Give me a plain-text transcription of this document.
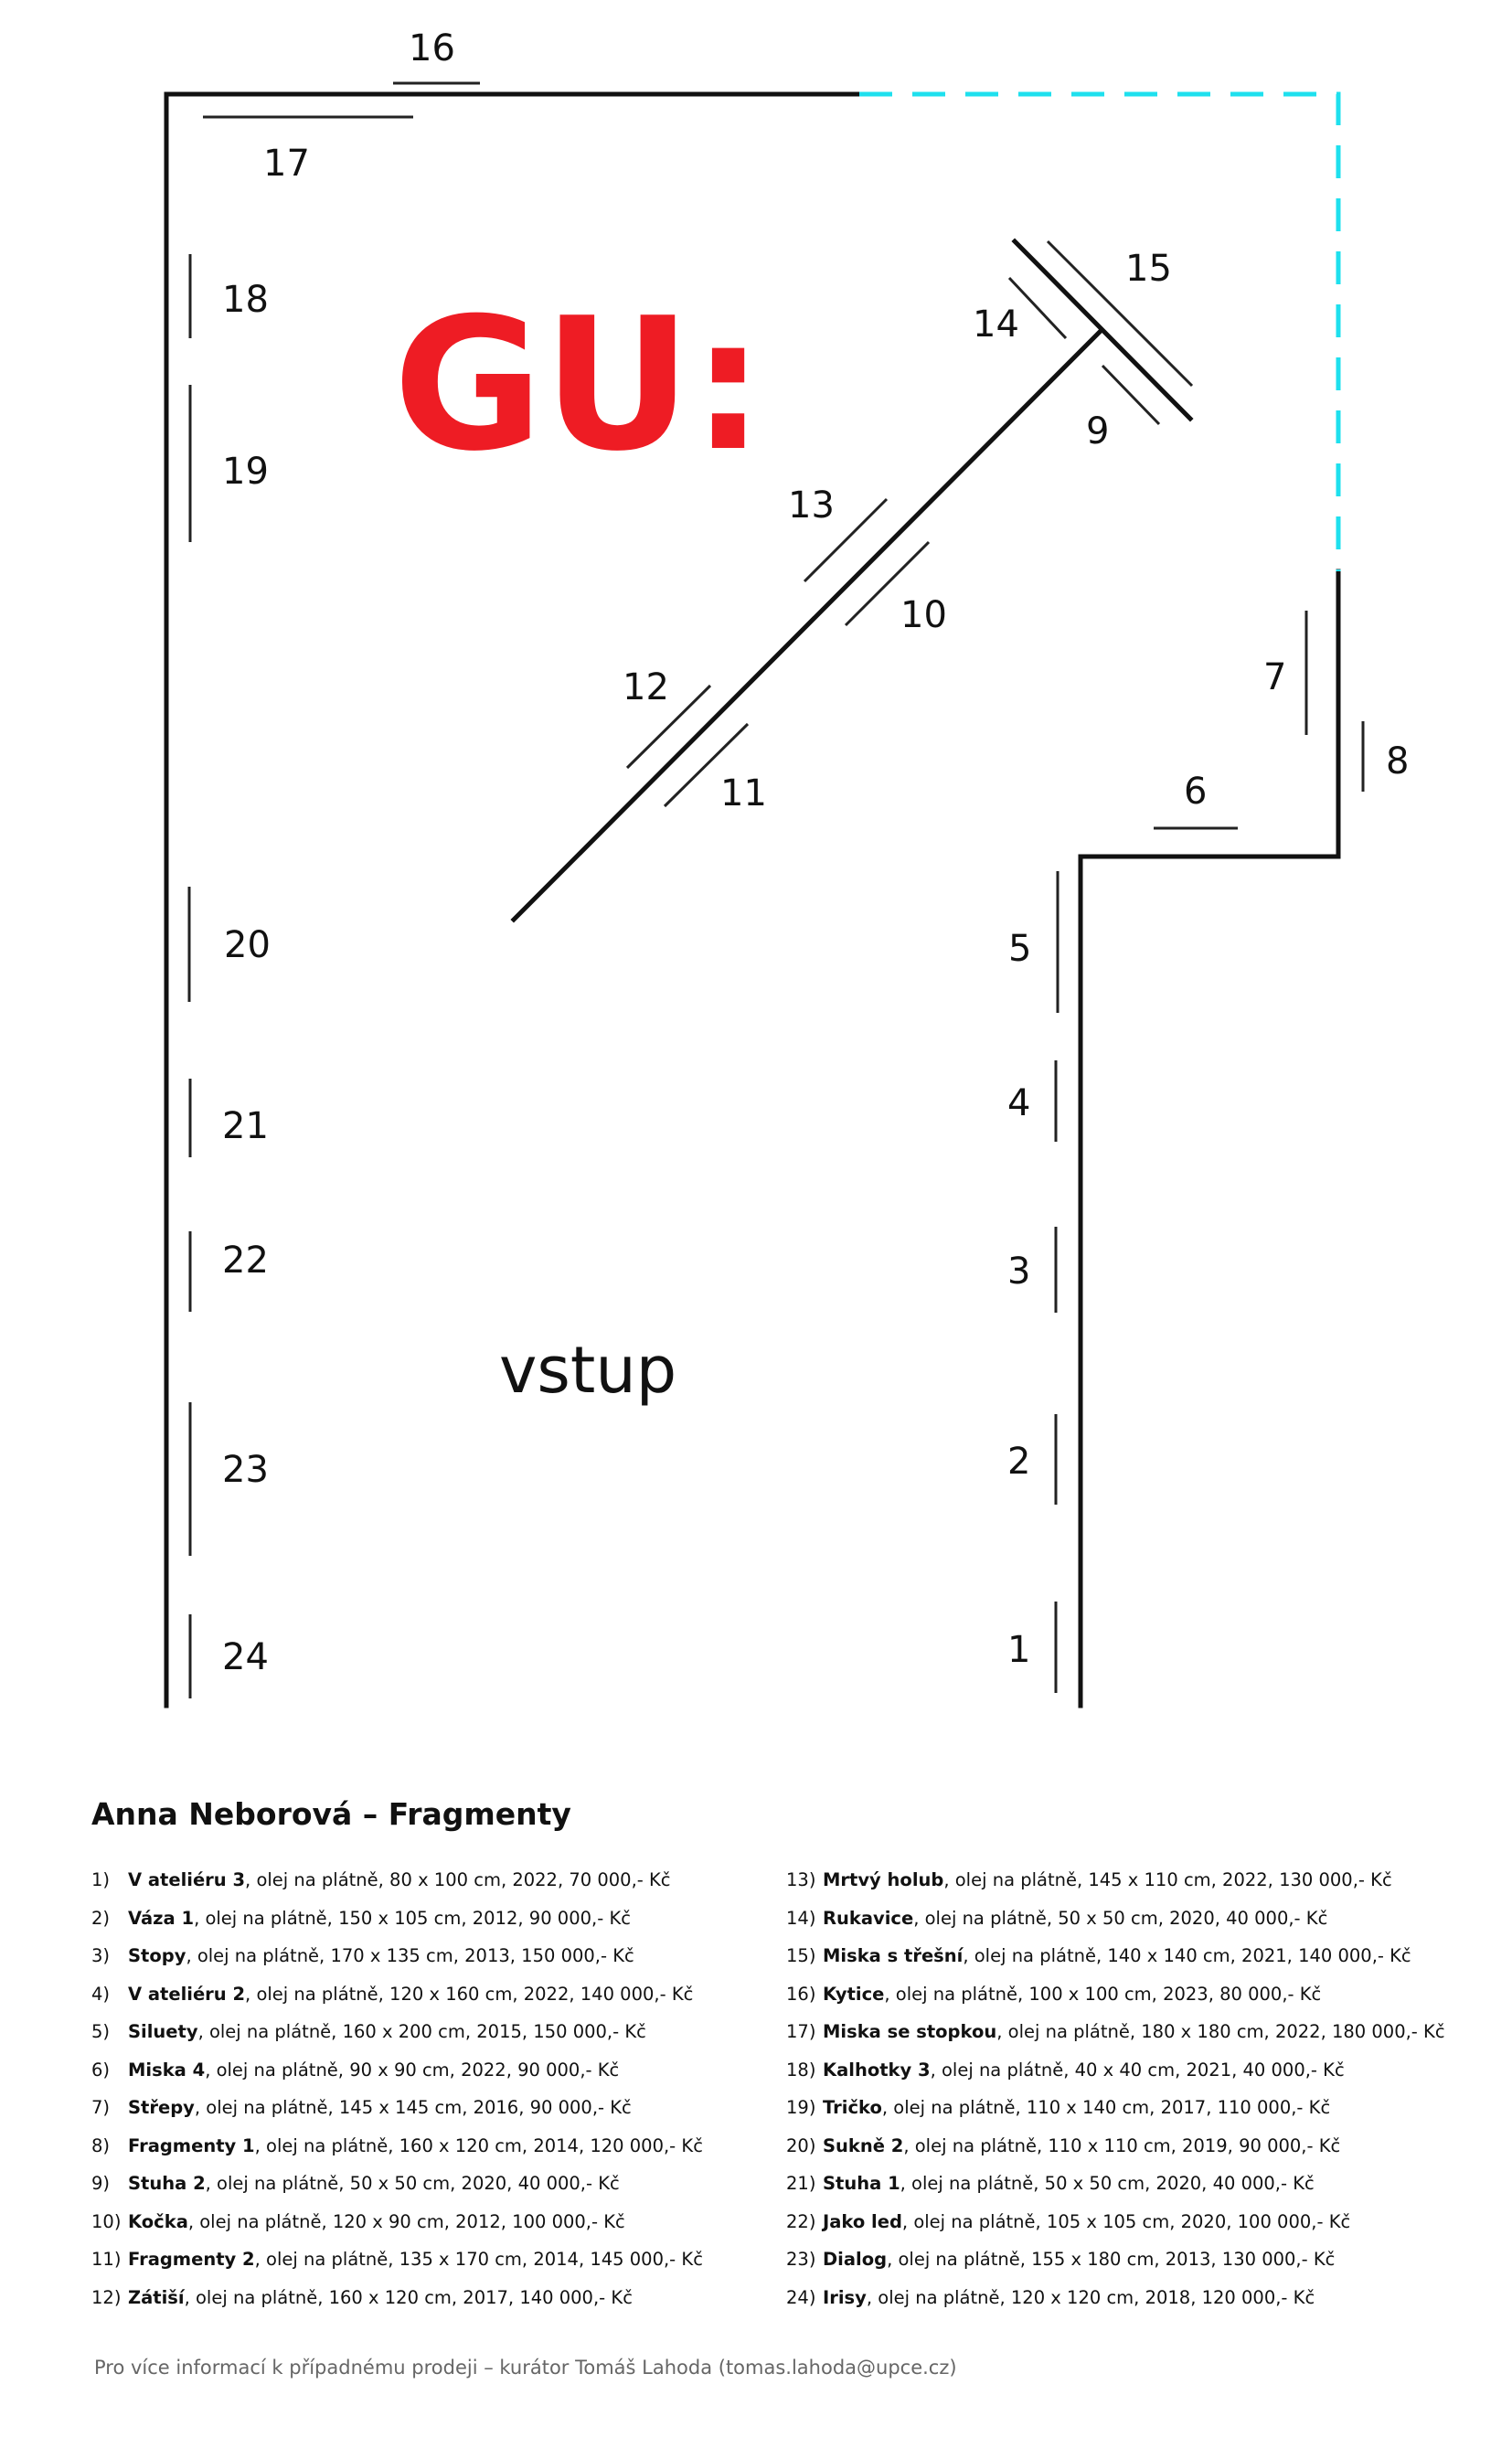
16
17
18
19
20
21
22
23
24	1
2
3
4
5
6
7
8
9
10
11
12
13
14
15
vstup
GU:
Anna Neborová – Fragmenty
1)	V ateliéru 3, olej na plátně, 80 x 100 cm, 2022, 70 000,- Kč
2)	Váza 1, olej na plátně, 150 x 105 cm, 2012, 90 000,- Kč
3)	Stopy, olej na plátně, 170 x 135 cm, 2013, 150 000,- Kč
4)	V ateliéru 2, olej na plátně, 120 x 160 cm, 2022, 140 000,- Kč
5)	Siluety, olej na plátně, 160 x 200 cm, 2015, 150 000,- Kč
6)	Miska 4, olej na plátně, 90 x 90 cm, 2022, 90 000,- Kč
7)	Střepy, olej na plátně, 145 x 145 cm, 2016, 90 000,- Kč
8)	Fragmenty 1, olej na plátně, 160 x 120 cm, 2014, 120 000,- Kč
9)	Stuha 2, olej na plátně, 50 x 50 cm, 2020, 40 000,- Kč
10) Kočka, olej na plátně, 120 x 90 cm, 2012, 100 000,- Kč
11) Fragmenty 2, olej na plátně, 135 x 170 cm, 2014, 145 000,- Kč
12) Zátiší, olej na plátně, 160 x 120 cm, 2017, 140 000,- Kč
13) Mrtvý holub, olej na plátně, 145 x 110 cm, 2022, 130 000,- Kč
14) Rukavice, olej na plátně, 50 x 50 cm, 2020, 40 000,- Kč
15) Miska s třešní, olej na plátně, 140 x 140 cm, 2021, 140 000,- Kč
16) Kytice, olej na plátně, 100 x 100 cm, 2023, 80 000,- Kč
17) Miska se stopkou, olej na plátně, 180 x 180 cm, 2022, 180 000,- Kč
18) Kalhotky 3, olej na plátně, 40 x 40 cm, 2021, 40 000,- Kč
19) Tričko, olej na plátně, 110 x 140 cm, 2017, 110 000,- Kč
20) Sukně 2, olej na plátně, 110 x 110 cm, 2019, 90 000,- Kč
21) Stuha 1, olej na plátně, 50 x 50 cm, 2020, 40 000,- Kč
22) Jako led, olej na plátně, 105 x 105 cm, 2020, 100 000,- Kč
23) Dialog, olej na plátně, 155 x 180 cm, 2013, 130 000,- Kč
24) Irisy, olej na plátně, 120 x 120 cm, 2018, 120 000,- Kč
Pro více informací k případnému prodeji – kurátor Tomáš Lahoda (tomas.lahoda@upce.cz)
